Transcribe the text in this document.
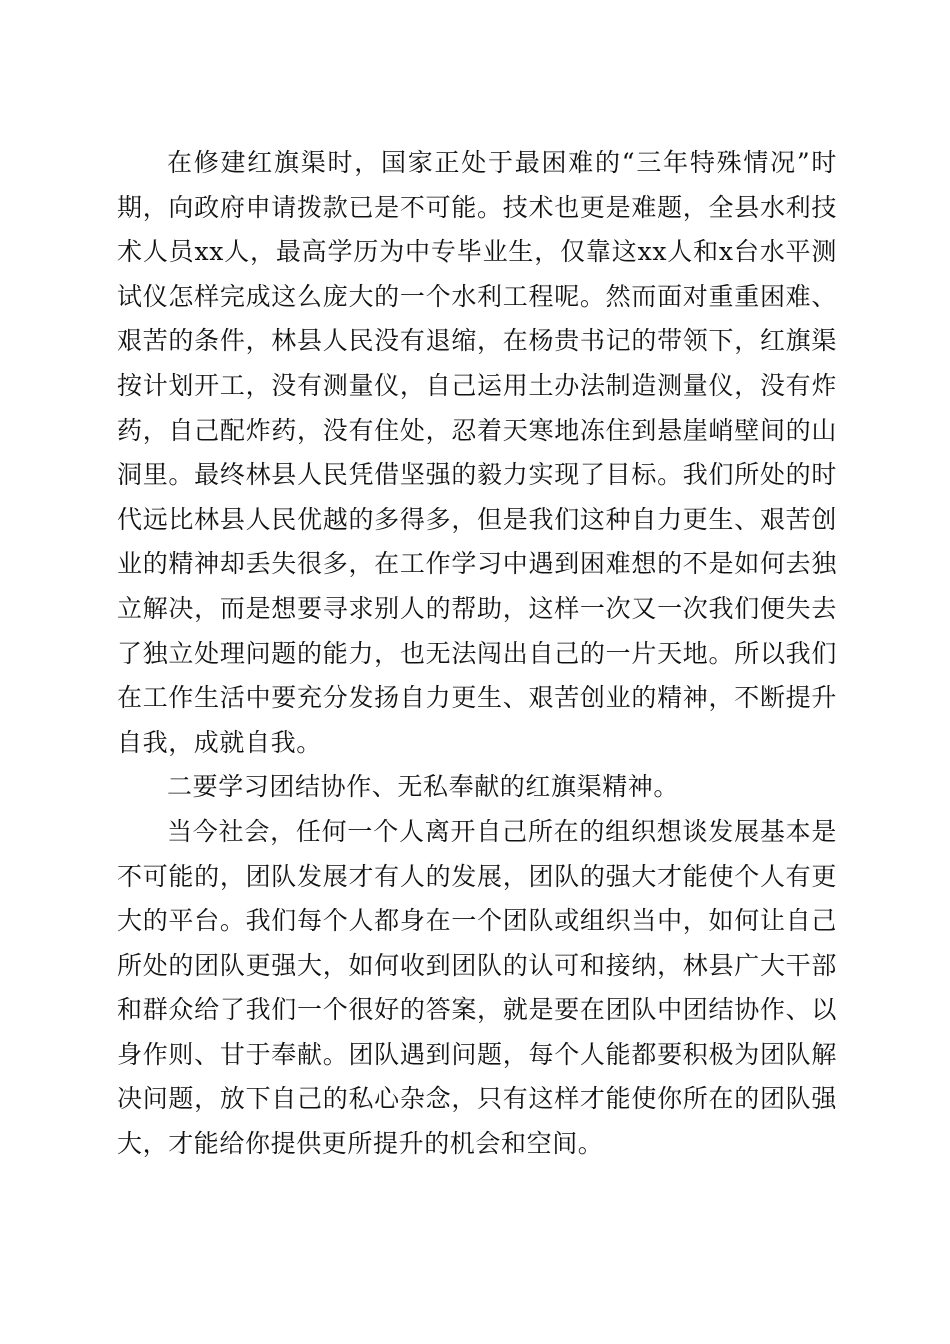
在修建红旗渠时，国家正处于最困难的“三年特殊情况”时期，向政府申请拨款已是不可能。技术也更是难题，全县水利技术人员xx人，最高学历为中专毕业生，仅靠这xx人和x台水平测试仪怎样完成这么庞大的一个水利工程呢。然而面对重重困难、艰苦的条件，林县人民没有退缩，在杨贵书记的带领下，红旗渠按计划开工，没有测量仪，自己运用土办法制造测量仪，没有炸药，自己配炸药，没有住处，忍着天寒地冻住到悬崖峭壁间的山洞里。最终林县人民凭借坚强的毅力实现了目标。我们所处的时代远比林县人民优越的多得多，但是我们这种自力更生、艰苦创业的精神却丢失很多，在工作学习中遇到困难想的不是如何去独立解决，而是想要寻求别人的帮助，这样一次又一次我们便失去了独立处理问题的能力，也无法闯出自己的一片天地。所以我们在工作生活中要充分发扬自力更生、艰苦创业的精神，不断提升自我，成就自我。

二要学习团结协作、无私奉献的红旗渠精神。

当今社会，任何一个人离开自己所在的组织想谈发展基本是不可能的，团队发展才有人的发展，团队的强大才能使个人有更大的平台。我们每个人都身在一个团队或组织当中，如何让自己所处的团队更强大，如何收到团队的认可和接纳，林县广大干部和群众给了我们一个很好的答案，就是要在团队中团结协作、以身作则、甘于奉献。团队遇到问题，每个人能都要积极为团队解决问题，放下自己的私心杂念，只有这样才能使你所在的团队强大，才能给你提供更所提升的机会和空间。
